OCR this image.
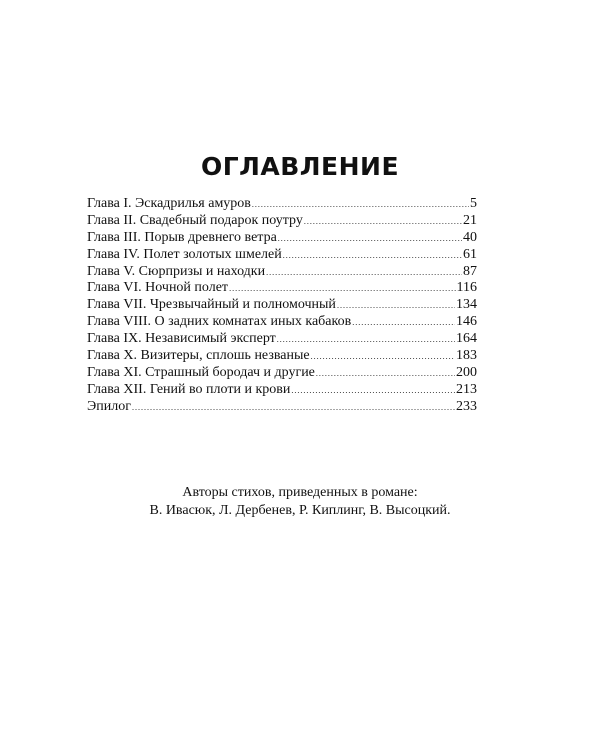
ОГЛАВЛЕНИЕ
Глава I. Эскадрилья амуров .....	5
Глава II. Свадебный подарок поутру .....	21
Глава III. Порыв древнего ветра .....	40
Глава IV. Полет золотых шмелей .....	61
Глава V. Сюрпризы и находки .....	87
Глава VI. Ночной полет .....	116
Глава VII. Чрезвычайный и полномочный .....	134
Глава VIII. О задних комнатах иных кабаков .....	146
Глава IX. Независимый эксперт .....	164
Глава X. Визитеры, сплошь незваные .....	183
Глава XI. Страшный бородач и другие .....	200
Глава XII. Гений во плоти и крови .....	213
Эпилог .....	233
Авторы стихов, приведенных в романе:
В. Ивасюк, Л. Дербенев, Р. Киплинг, В. Высоцкий.
